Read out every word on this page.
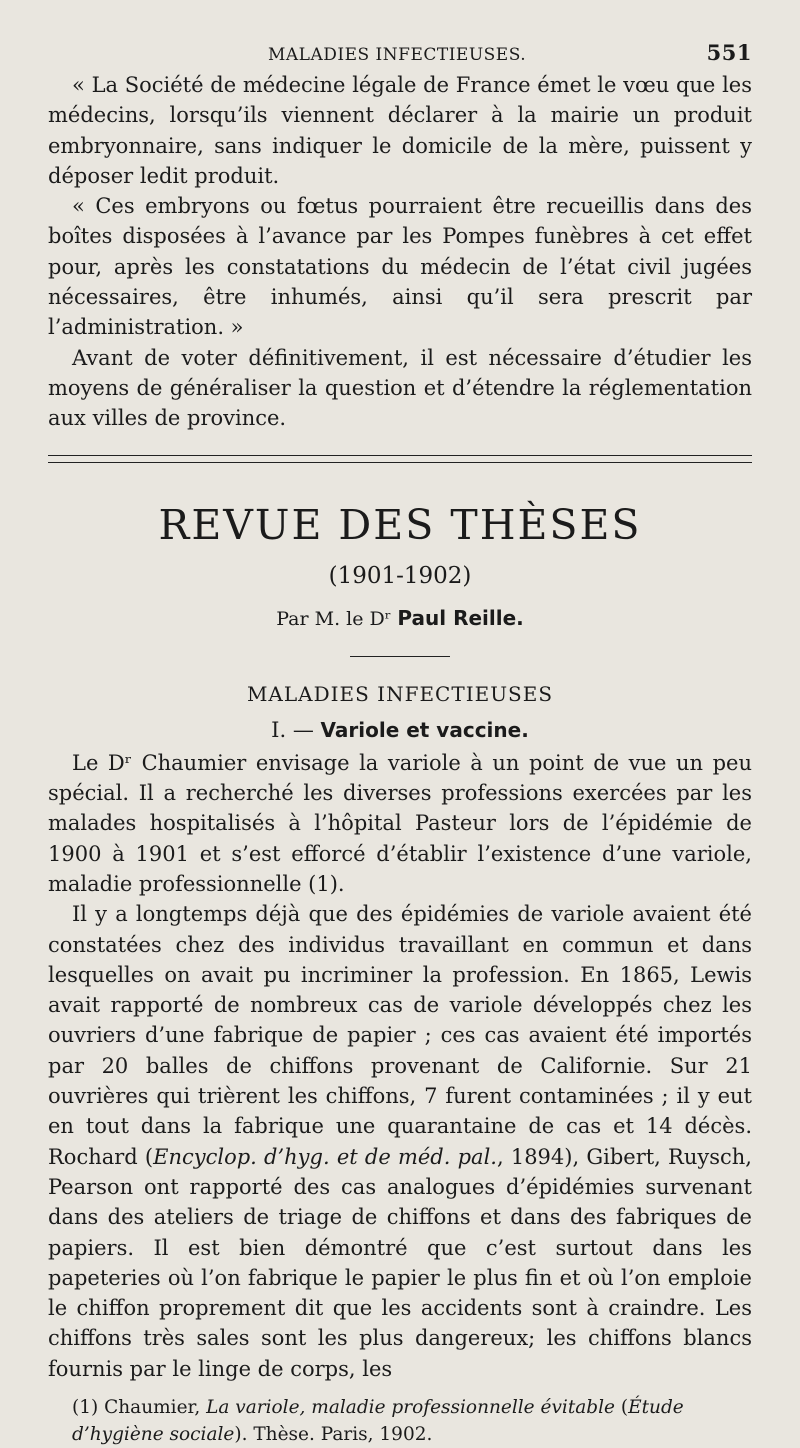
MALADIES INFECTIEUSES.	551

« La Société de médecine légale de France émet le vœu que les médecins, lorsqu’ils viennent déclarer à la mairie un produit embryonnaire, sans indiquer le domicile de la mère, puissent y déposer ledit produit.

« Ces embryons ou fœtus pourraient être recueillis dans des boîtes disposées à l’avance par les Pompes funèbres à cet effet pour, après les constatations du médecin de l’état civil jugées nécessaires, être inhumés, ainsi qu’il sera prescrit par l’administration. »

Avant de voter définitivement, il est nécessaire d’étudier les moyens de généraliser la question et d’étendre la réglementation aux villes de province.

REVUE DES THÈSES
(1901-1902)
Par M. le Dʳ Paul Reille.
MALADIES INFECTIEUSES
I. — Variole et vaccine.

Le Dʳ Chaumier envisage la variole à un point de vue un peu spécial. Il a recherché les diverses professions exercées par les malades hospitalisés à l’hôpital Pasteur lors de l’épidémie de 1900 à 1901 et s’est efforcé d’établir l’existence d’une variole, maladie professionnelle (1).

Il y a longtemps déjà que des épidémies de variole avaient été constatées chez des individus travaillant en commun et dans lesquelles on avait pu incriminer la profession. En 1865, Lewis avait rapporté de nombreux cas de variole développés chez les ouvriers d’une fabrique de papier ; ces cas avaient été importés par 20 balles de chiffons provenant de Californie. Sur 21 ouvrières qui trièrent les chiffons, 7 furent contaminées ; il y eut en tout dans la fabrique une quarantaine de cas et 14 décès. Rochard (Encyclop. d’hyg. et de méd. pal., 1894), Gibert, Ruysch, Pearson ont rapporté des cas analogues d’épidémies survenant dans des ateliers de triage de chiffons et dans des fabriques de papiers. Il est bien démontré que c’est surtout dans les papeteries où l’on fabrique le papier le plus fin et où l’on emploie le chiffon proprement dit que les accidents sont à craindre. Les chiffons très sales sont les plus dangereux; les chiffons blancs fournis par le linge de corps, les

(1) Chaumier, La variole, maladie professionnelle évitable (Étude d’hygiène sociale). Thèse. Paris, 1902.
